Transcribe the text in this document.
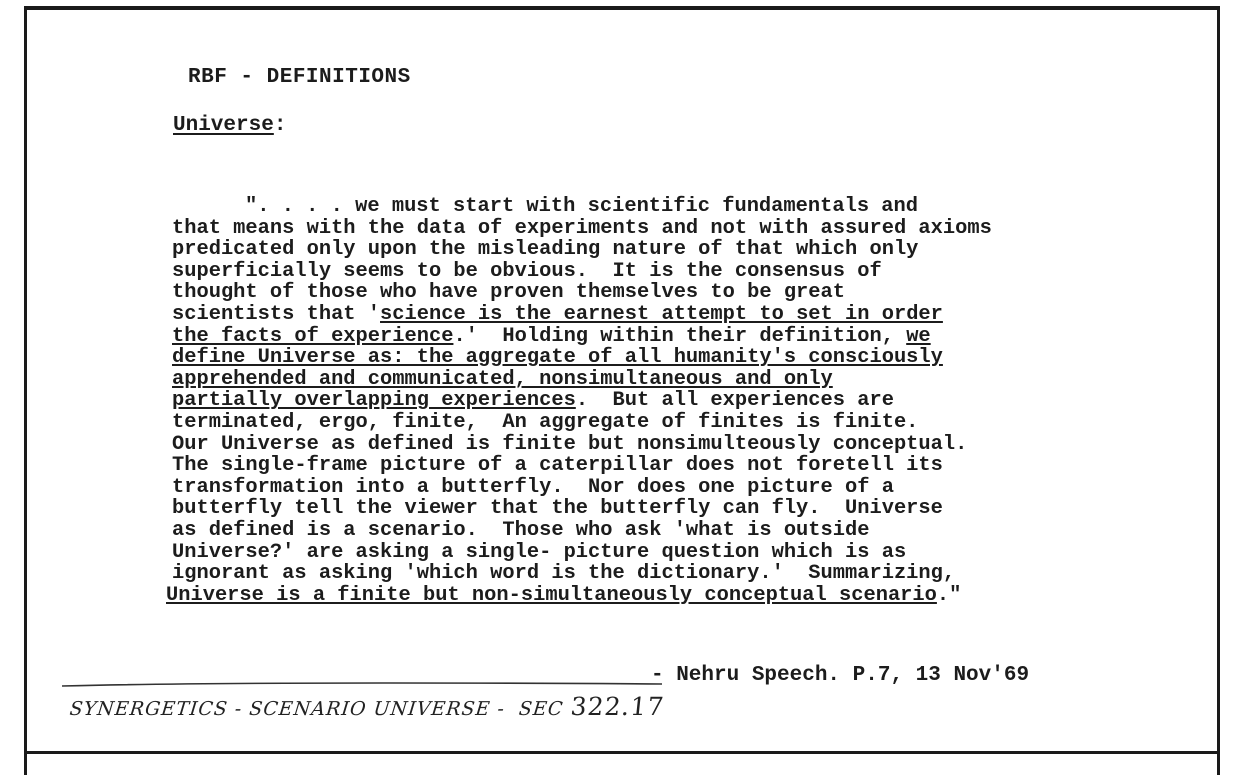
RBF - DEFINITIONS
Universe:
". . . . we must start with scientific fundamentals and
that means with the data of experiments and not with assured axioms
predicated only upon the misleading nature of that which only
superficially seems to be obvious.  It is the consensus of
thought of those who have proven themselves to be great
scientists that 'science is the earnest attempt to set in order
the facts of experience.'  Holding within their definition, we
define Universe as: the aggregate of all humanity's consciously
apprehended and communicated, nonsimultaneous and only
partially overlapping experiences.  But all experiences are
terminated, ergo, finite,  An aggregate of finites is finite.
Our Universe as defined is finite but nonsimulteously conceptual.
The single-frame picture of a caterpillar does not foretell its
transformation into a butterfly.  Nor does one picture of a
butterfly tell the viewer that the butterfly can fly.  Universe
as defined is a scenario.  Those who ask 'what is outside
Universe?' are asking a single- picture question which is as
ignorant as asking 'which word is the dictionary.'  Summarizing,
Universe is a finite but non-simultaneously conceptual scenario."
- Nehru Speech. P.7, 13 Nov'69
SYNERGETICS - SCENARIO UNIVERSE -  SEC 322.17
